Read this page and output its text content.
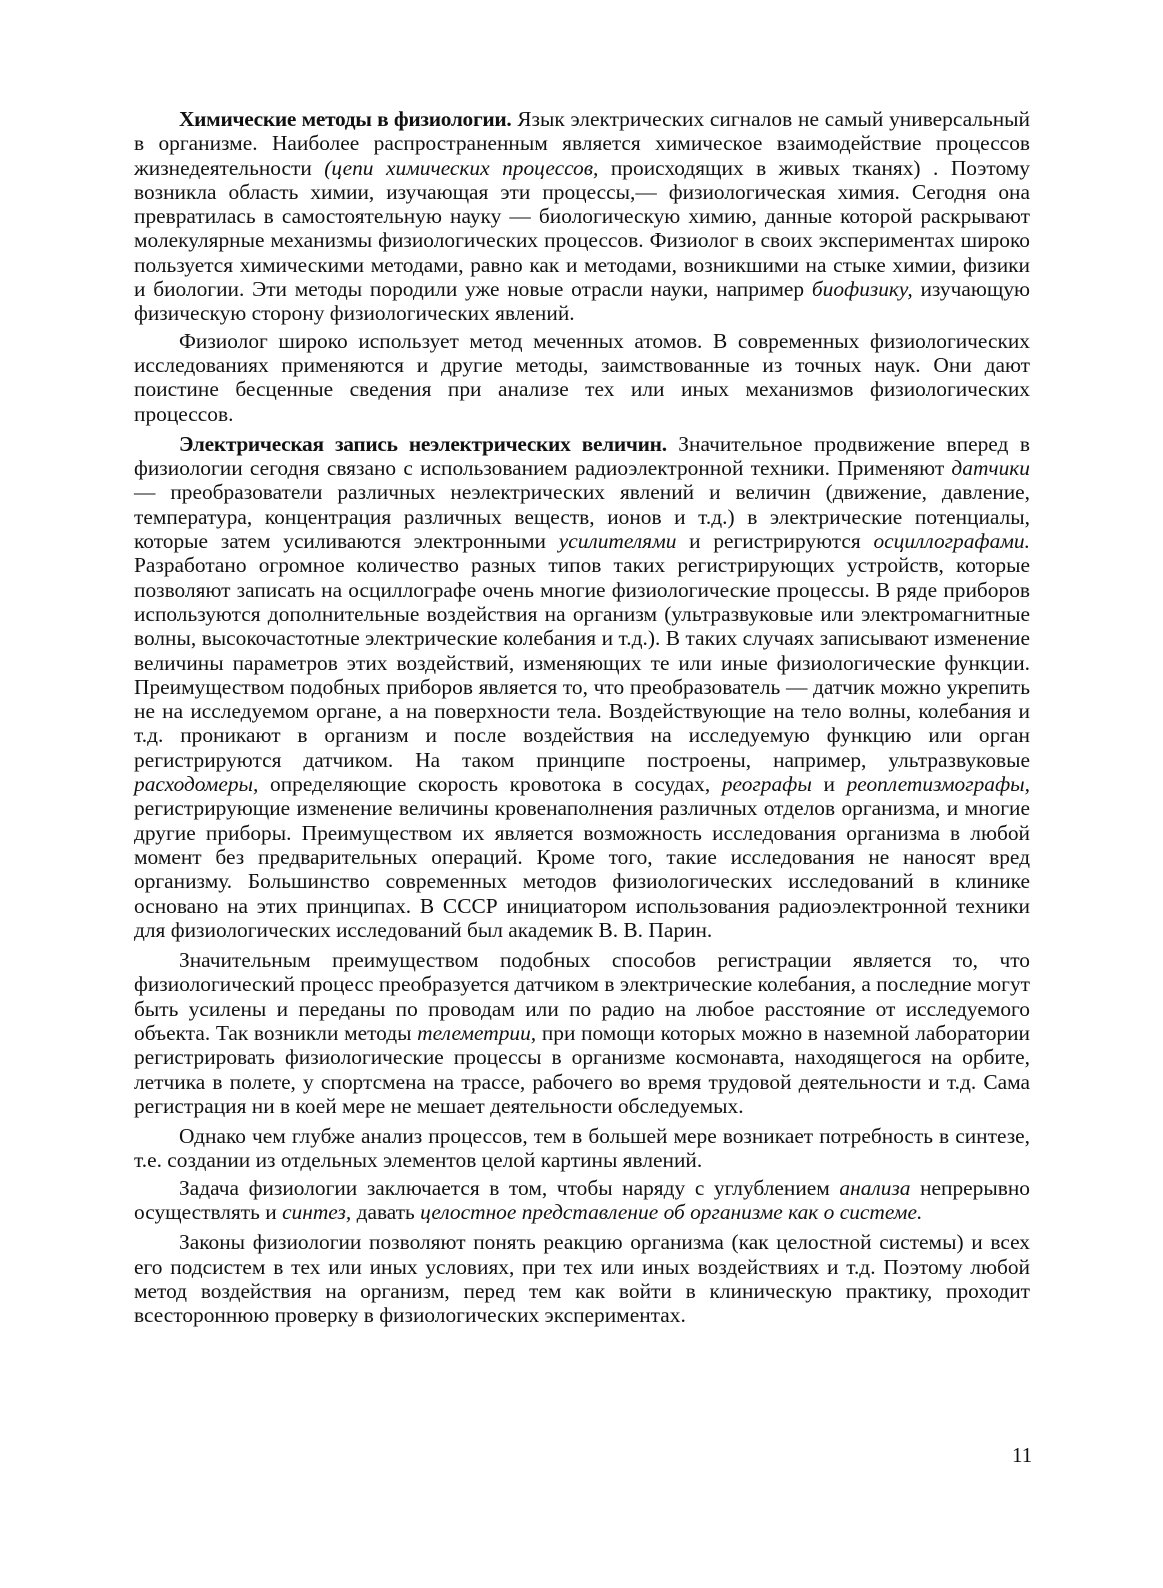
Химические методы в физиологии. Язык электрических сигналов не самый универсальный в организме. Наиболее распространенным является химическое взаимодействие процессов жизнедеятельности (цепи химических процессов, происходящих в живых тканях) . Поэтому возникла область химии, изучающая эти процессы,— физиологическая химия. Сегодня она превратилась в самостоятельную науку — биологическую химию, данные которой раскрывают молекулярные механизмы физиологических процессов. Физиолог в своих экспериментах широко пользуется химическими методами, равно как и методами, возникшими на стыке химии, физики и биологии. Эти методы породили уже новые отрасли науки, например биофизику, изучающую физическую сторону физиологических явлений.

Физиолог широко использует метод меченных атомов. В современных физиологических исследованиях применяются и другие методы, заимствованные из точных наук. Они дают поистине бесценные сведения при анализе тех или иных механизмов физиологических процессов.

Электрическая запись неэлектрических величин. Значительное продвижение вперед в физиологии сегодня связано с использованием радиоэлектронной техники. Применяют датчики — преобразователи различных неэлектрических явлений и величин (движение, давление, температура, концентрация различных веществ, ионов и т.д.) в электрические потенциалы, которые затем усиливаются электронными усилителями и регистрируются осциллографами. Разработано огромное количество разных типов таких регистрирующих устройств, которые позволяют записать на осциллографе очень многие физиологические процессы. В ряде приборов используются дополнительные воздействия на организм (ультразвуковые или электромагнитные волны, высокочастотные электрические колебания и т.д.). В таких случаях записывают изменение величины параметров этих воздействий, изменяющих те или иные физиологические функции. Преимуществом подобных приборов является то, что преобразователь — датчик можно укрепить не на исследуемом органе, а на поверхности тела. Воздействующие на тело волны, колебания и т.д. проникают в организм и после воздействия на исследуемую функцию или орган регистрируются датчиком. На таком принципе построены, например, ультразвуковые расходомеры, определяющие скорость кровотока в сосудах, реографы и реоплетизмографы, регистрирующие изменение величины кровенаполнения различных отделов организма, и многие другие приборы. Преимуществом их является возможность исследования организма в любой момент без предварительных операций. Кроме того, такие исследования не наносят вред организму. Большинство современных методов физиологических исследований в клинике основано на этих принципах. В СССР инициатором использования радиоэлектронной техники для физиологических исследований был академик В. В. Парин.

Значительным преимуществом подобных способов регистрации является то, что физиологический процесс преобразуется датчиком в электрические колебания, а последние могут быть усилены и переданы по проводам или по радио на любое расстояние от исследуемого объекта. Так возникли методы телеметрии, при помощи которых можно в наземной лаборатории регистрировать физиологические процессы в организме космонавта, находящегося на орбите, летчика в полете, у спортсмена на трассе, рабочего во время трудовой деятельности и т.д. Сама регистрация ни в коей мере не мешает деятельности обследуемых.

Однако чем глубже анализ процессов, тем в большей мере возникает потребность в синтезе, т.е. создании из отдельных элементов целой картины явлений.

Задача физиологии заключается в том, чтобы наряду с углублением анализа непрерывно осуществлять и синтез, давать целостное представление об организме как о системе.

Законы физиологии позволяют понять реакцию организма (как целостной системы) и всех его подсистем в тех или иных условиях, при тех или иных воздействиях и т.д. Поэтому любой метод воздействия на организм, перед тем как войти в клиническую практику, проходит всестороннюю проверку в физиологических экспериментах.

11
